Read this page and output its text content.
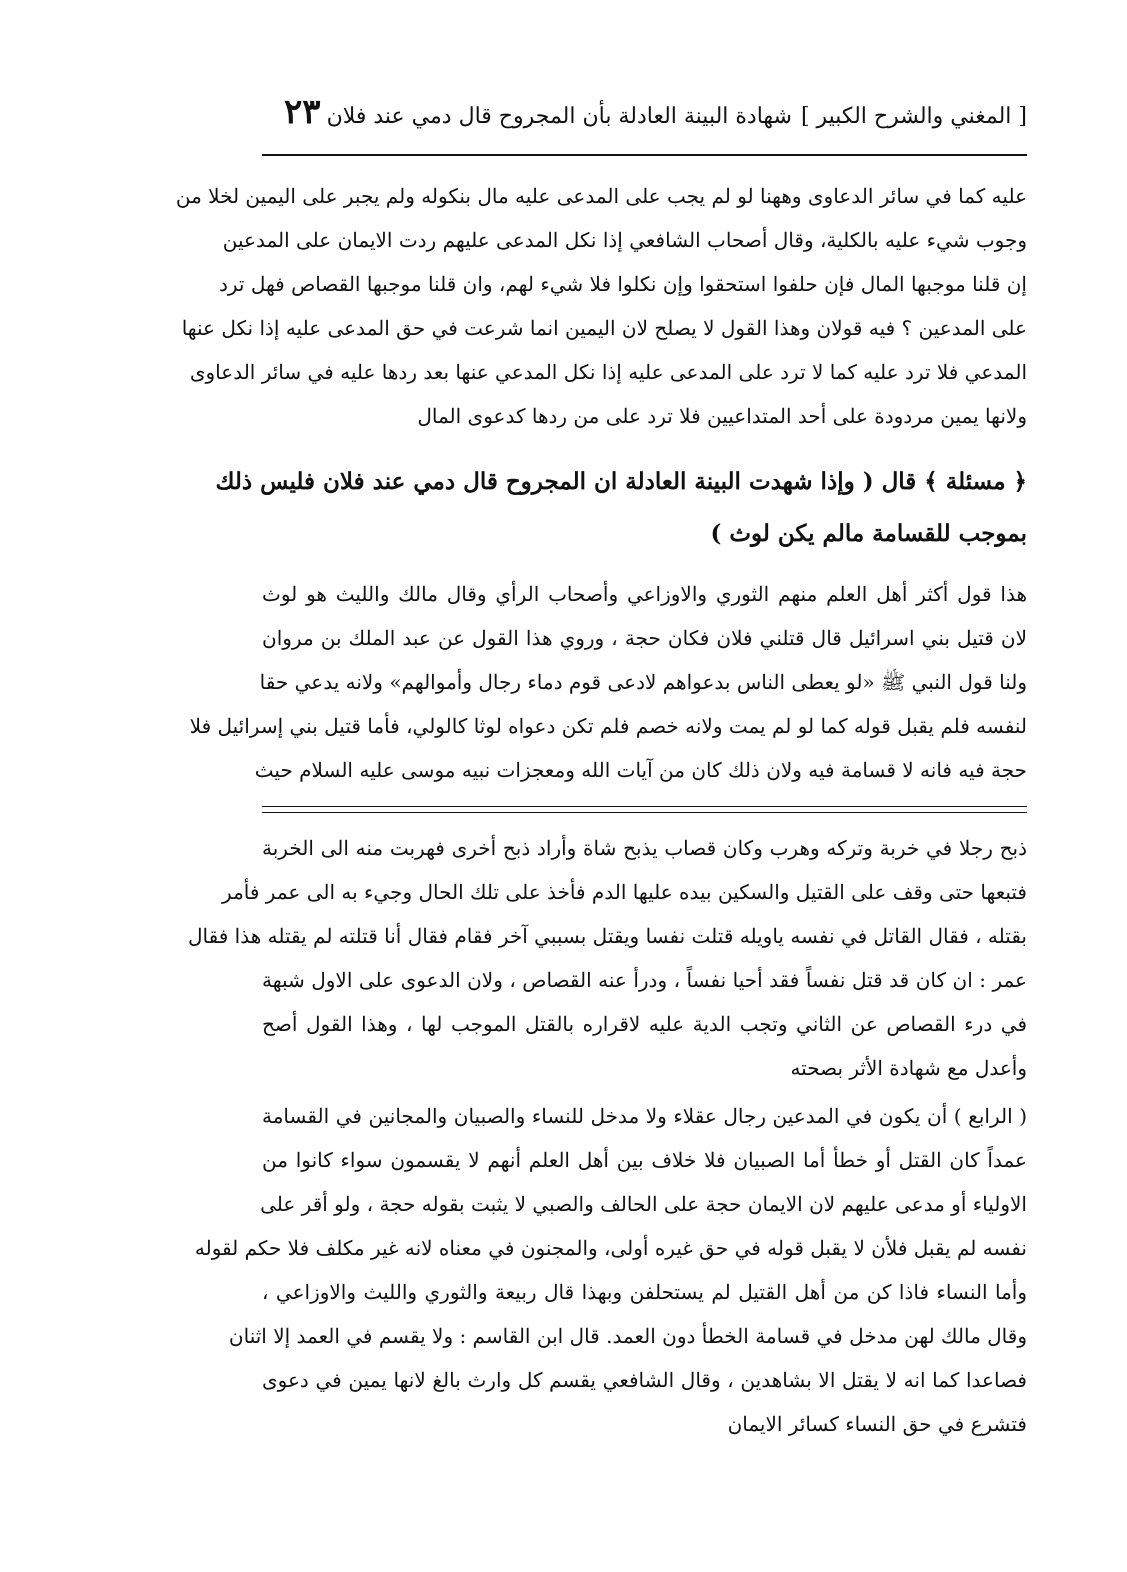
[ المغني والشرح الكبير ]
شهادة البينة العادلة بأن المجروح قال دمي عند فلان
٢٣
عليه كما في سائر الدعاوى وههنا لو لم يجب على المدعى عليه مال بنكوله ولم يجبر على اليمين لخلا من
وجوب شيء عليه بالكلية، وقال أصحاب الشافعي إذا نكل المدعى عليهم ردت الايمان على المدعين
إن قلنا موجبها المال فإن حلفوا استحقوا وإن نكلوا فلا شيء لهم، وان قلنا موجبها القصاص فهل ترد
على المدعين ؟ فيه قولان وهذا القول لا يصلح لان اليمين انما شرعت في حق المدعى عليه إذا نكل عنها
المدعي فلا ترد عليه كما لا ترد على المدعى عليه إذا نكل المدعي عنها بعد ردها عليه في سائر الدعاوى
ولانها يمين مردودة على أحد المتداعيين فلا ترد على من ردها كدعوى المال
﴿ مسئلة ﴾ قال ( وإذا شهدت البينة العادلة ان المجروح قال دمي عند فلان فليس ذلك
بموجب للقسامة مالم يكن لوث )
هذا قول أكثر أهل العلم منهم الثوري والاوزاعي وأصحاب الرأي وقال مالك والليث هو لوث
لان قتيل بني اسرائيل قال قتلني فلان فكان حجة ، وروي هذا القول عن عبد الملك بن مروان
ولنا قول النبي ﷺ «لو يعطى الناس بدعواهم لادعى قوم دماء رجال وأموالهم» ولانه يدعي حقا
لنفسه فلم يقبل قوله كما لو لم يمت ولانه خصم فلم تكن دعواه لوثا كالولي، فأما قتيل بني إسرائيل فلا
حجة فيه فانه لا قسامة فيه ولان ذلك كان من آيات الله ومعجزات نبيه موسى عليه السلام حيث
ذبح رجلا في خربة وتركه وهرب وكان قصاب يذبح شاة وأراد ذبح أخرى فهربت منه الى الخربة
فتبعها حتى وقف على القتيل والسكين بيده عليها الدم فأخذ على تلك الحال وجيء به الى عمر فأمر
بقتله ، فقال القاتل في نفسه ياويله قتلت نفسا ويقتل بسببي آخر فقام فقال أنا قتلته لم يقتله هذا فقال
عمر : ان كان قد قتل نفساً فقد أحيا نفساً ، ودرأ عنه القصاص ، ولان الدعوى على الاول شبهة
في درء القصاص عن الثاني وتجب الدية عليه لاقراره بالقتل الموجب لها ، وهذا القول أصح
وأعدل مع شهادة الأثر بصحته
( الرابع ) أن يكون في المدعين رجال عقلاء ولا مدخل للنساء والصبيان والمجانين في القسامة
عمداً كان القتل أو خطأ أما الصبيان فلا خلاف بين أهل العلم أنهم لا يقسمون سواء كانوا من
الاولياء أو مدعى عليهم لان الايمان حجة على الحالف والصبي لا يثبت بقوله حجة ، ولو أقر على
نفسه لم يقبل فلأن لا يقبل قوله في حق غيره أولى، والمجنون في معناه لانه غير مكلف فلا حكم لقوله
وأما النساء فاذا كن من أهل القتيل لم يستحلفن وبهذا قال ربيعة والثوري والليث والاوزاعي ،
وقال مالك لهن مدخل في قسامة الخطأ دون العمد. قال ابن القاسم : ولا يقسم في العمد إلا اثنان
فصاعدا كما انه لا يقتل الا بشاهدين ، وقال الشافعي يقسم كل وارث بالغ لانها يمين في دعوى
فتشرع في حق النساء كسائر الايمان
